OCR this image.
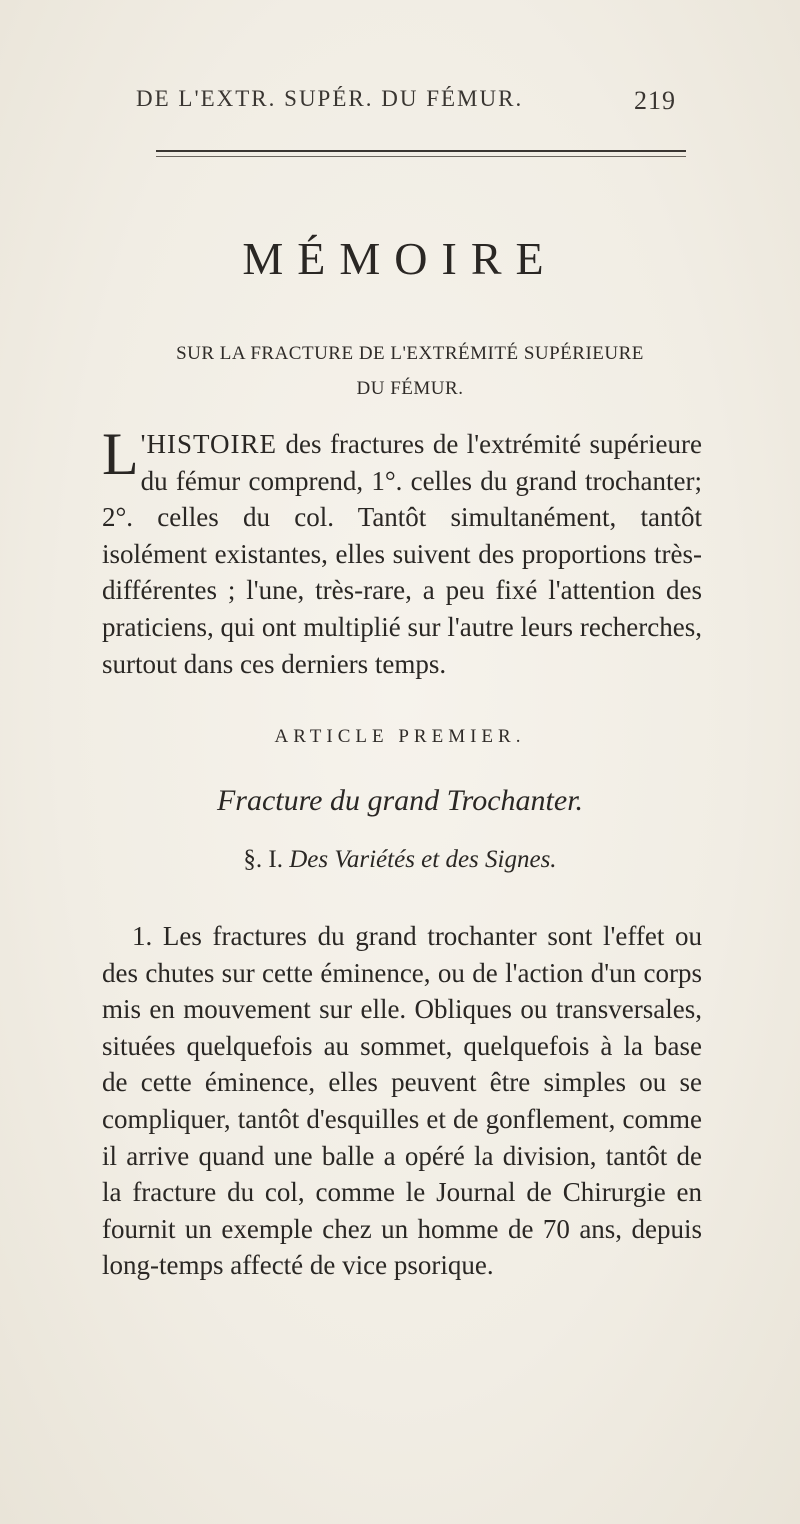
DE L'EXTR. SUPÉR. DU FÉMUR.	219
MÉMOIRE
SUR LA FRACTURE DE L'EXTRÉMITÉ SUPÉRIEURE
DU FÉMUR.
L 'HISTOIRE des fractures de l'extrémité supérieure du fémur comprend, 1°. celles du grand trochanter; 2°. celles du col. Tantôt simultanément, tantôt isolément existantes, elles suivent des proportions très-différentes ; l'une, très-rare, a peu fixé l'attention des praticiens, qui ont multiplié sur l'autre leurs recherches, surtout dans ces derniers temps.
ARTICLE PREMIER.
Fracture du grand Trochanter.
§. I. Des Variétés et des Signes.
1. Les fractures du grand trochanter sont l'effet ou des chutes sur cette éminence, ou de l'action d'un corps mis en mouvement sur elle. Obliques ou transversales, situées quelquefois au sommet, quelquefois à la base de cette éminence, elles peuvent être simples ou se compliquer, tantôt d'esquilles et de gonflement, comme il arrive quand une balle a opéré la division, tantôt de la fracture du col, comme le Journal de Chirurgie en fournit un exemple chez un homme de 70 ans, depuis long-temps affecté de vice psorique.
